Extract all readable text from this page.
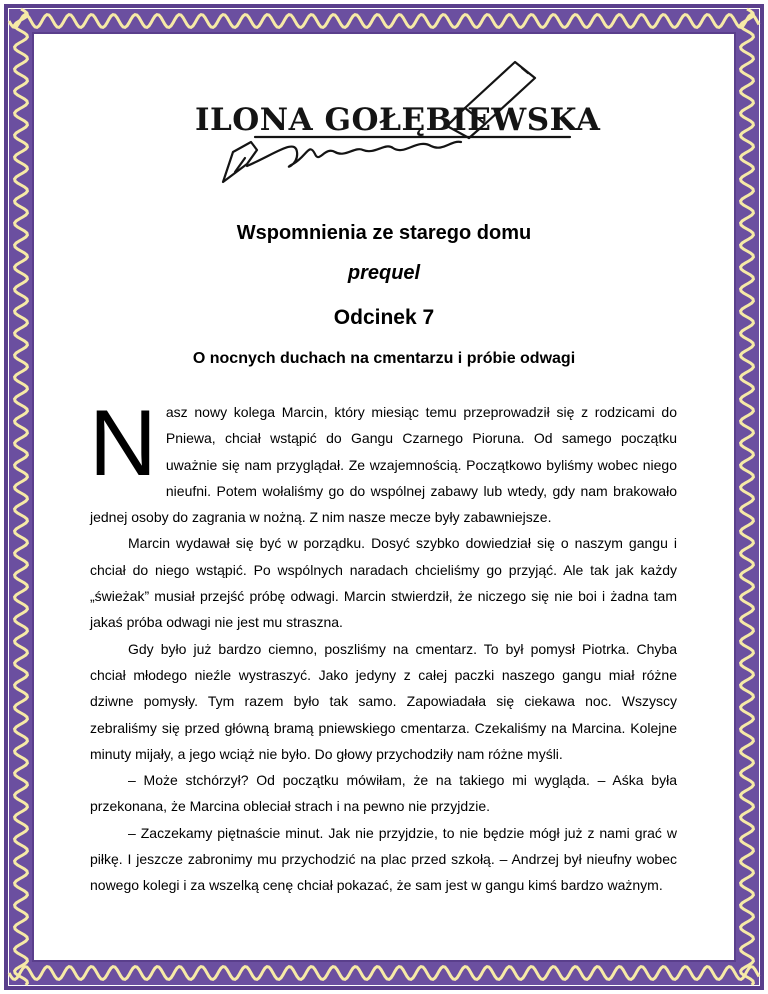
ILONA GOŁĘBIEWSKA
Wspomnienia ze starego domu
prequel
Odcinek 7
O nocnych duchach na cmentarzu i próbie odwagi

Nasz nowy kolega Marcin, który miesiąc temu przeprowadził się z rodzicami do Pniewa, chciał wstąpić do Gangu Czarnego Pioruna. Od samego początku uważnie się nam przyglądał. Ze wzajemnością. Początkowo byliśmy wobec niego nieufni. Potem wołaliśmy go do wspólnej zabawy lub wtedy, gdy nam brakowało jednej osoby do zagrania w nożną. Z nim nasze mecze były zabawniejsze.

Marcin wydawał się być w porządku. Dosyć szybko dowiedział się o naszym gangu i chciał do niego wstąpić. Po wspólnych naradach chcieliśmy go przyjąć. Ale tak jak każdy „świeżak” musiał przejść próbę odwagi. Marcin stwierdził, że niczego się nie boi i żadna tam jakaś próba odwagi nie jest mu straszna.

Gdy było już bardzo ciemno, poszliśmy na cmentarz. To był pomysł Piotrka. Chyba chciał młodego nieźle wystraszyć. Jako jedyny z całej paczki naszego gangu miał różne dziwne pomysły. Tym razem było tak samo. Zapowiadała się ciekawa noc. Wszyscy zebraliśmy się przed główną bramą pniewskiego cmentarza. Czekaliśmy na Marcina. Kolejne minuty mijały, a jego wciąż nie było. Do głowy przychodziły nam różne myśli.

– Może stchórzył? Od początku mówiłam, że na takiego mi wygląda. – Aśka była przekonana, że Marcina obleciał strach i na pewno nie przyjdzie.

– Zaczekamy piętnaście minut. Jak nie przyjdzie, to nie będzie mógł już z nami grać w piłkę. I jeszcze zabronimy mu przychodzić na plac przed szkołą. – Andrzej był nieufny wobec nowego kolegi i za wszelką cenę chciał pokazać, że sam jest w gangu kimś bardzo ważnym.
